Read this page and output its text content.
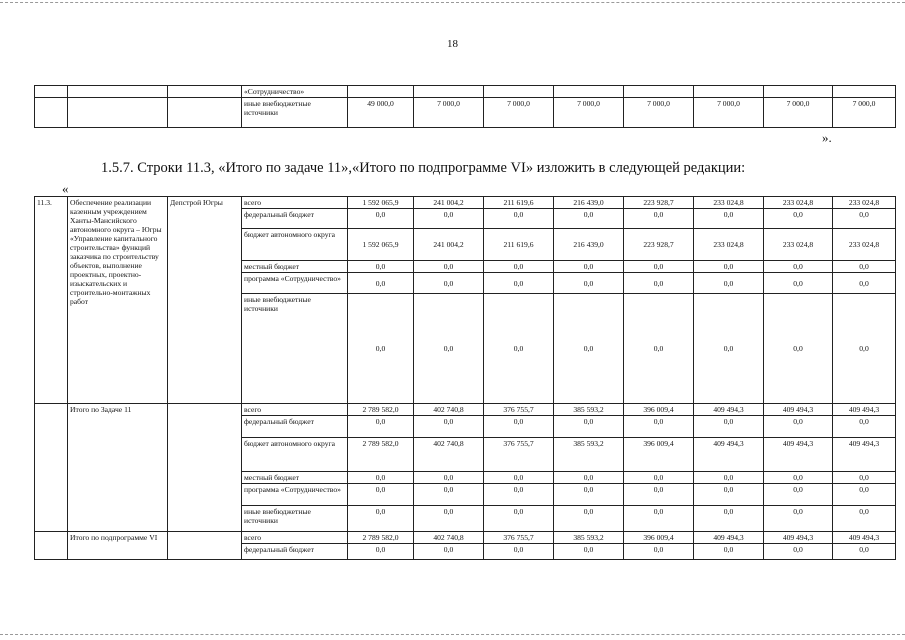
18
			«Сотрудничество»								
			иные внебюджетные источники	49 000,0	7 000,0	7 000,0	7 000,0	7 000,0	7 000,0	7 000,0	7 000,0
».
1.5.7. Строки 11.3, «Итого по задаче 11»,«Итого по подпрограмме VI» изложить в следующей редакции:
«
11.3.	Обеспечение реализации казенным учреждением Ханты-Мансийского автономного округа – Югры «Управление капитального строительства» функций заказчика по строительству объектов, выполнение проектных, проектно-изыскательских и строительно-монтажных работ	Депстрой Югры	всего	1 592 065,9	241 004,2	211 619,6	216 439,0	223 928,7	233 024,8	233 024,8	233 024,8
			федеральный бюджет	0,0	0,0	0,0	0,0	0,0	0,0	0,0	0,0
			бюджет автономного округа	1 592 065,9	241 004,2	211 619,6	216 439,0	223 928,7	233 024,8	233 024,8	233 024,8
			местный бюджет	0,0	0,0	0,0	0,0	0,0	0,0	0,0	0,0
			программа «Сотрудничество»	0,0	0,0	0,0	0,0	0,0	0,0	0,0	0,0
			иные внебюджетные источники	0,0	0,0	0,0	0,0	0,0	0,0	0,0	0,0
	Итого по Задаче 11		всего	2 789 582,0	402 740,8	376 755,7	385 593,2	396 009,4	409 494,3	409 494,3	409 494,3
			федеральный бюджет	0,0	0,0	0,0	0,0	0,0	0,0	0,0	0,0
			бюджет автономного округа	2 789 582,0	402 740,8	376 755,7	385 593,2	396 009,4	409 494,3	409 494,3	409 494,3
			местный бюджет	0,0	0,0	0,0	0,0	0,0	0,0	0,0	0,0
			программа «Сотрудничество»	0,0	0,0	0,0	0,0	0,0	0,0	0,0	0,0
			иные внебюджетные источники	0,0	0,0	0,0	0,0	0,0	0,0	0,0	0,0
	Итого по подпрограмме VI		всего	2 789 582,0	402 740,8	376 755,7	385 593,2	396 009,4	409 494,3	409 494,3	409 494,3
			федеральный бюджет	0,0	0,0	0,0	0,0	0,0	0,0	0,0	0,0
